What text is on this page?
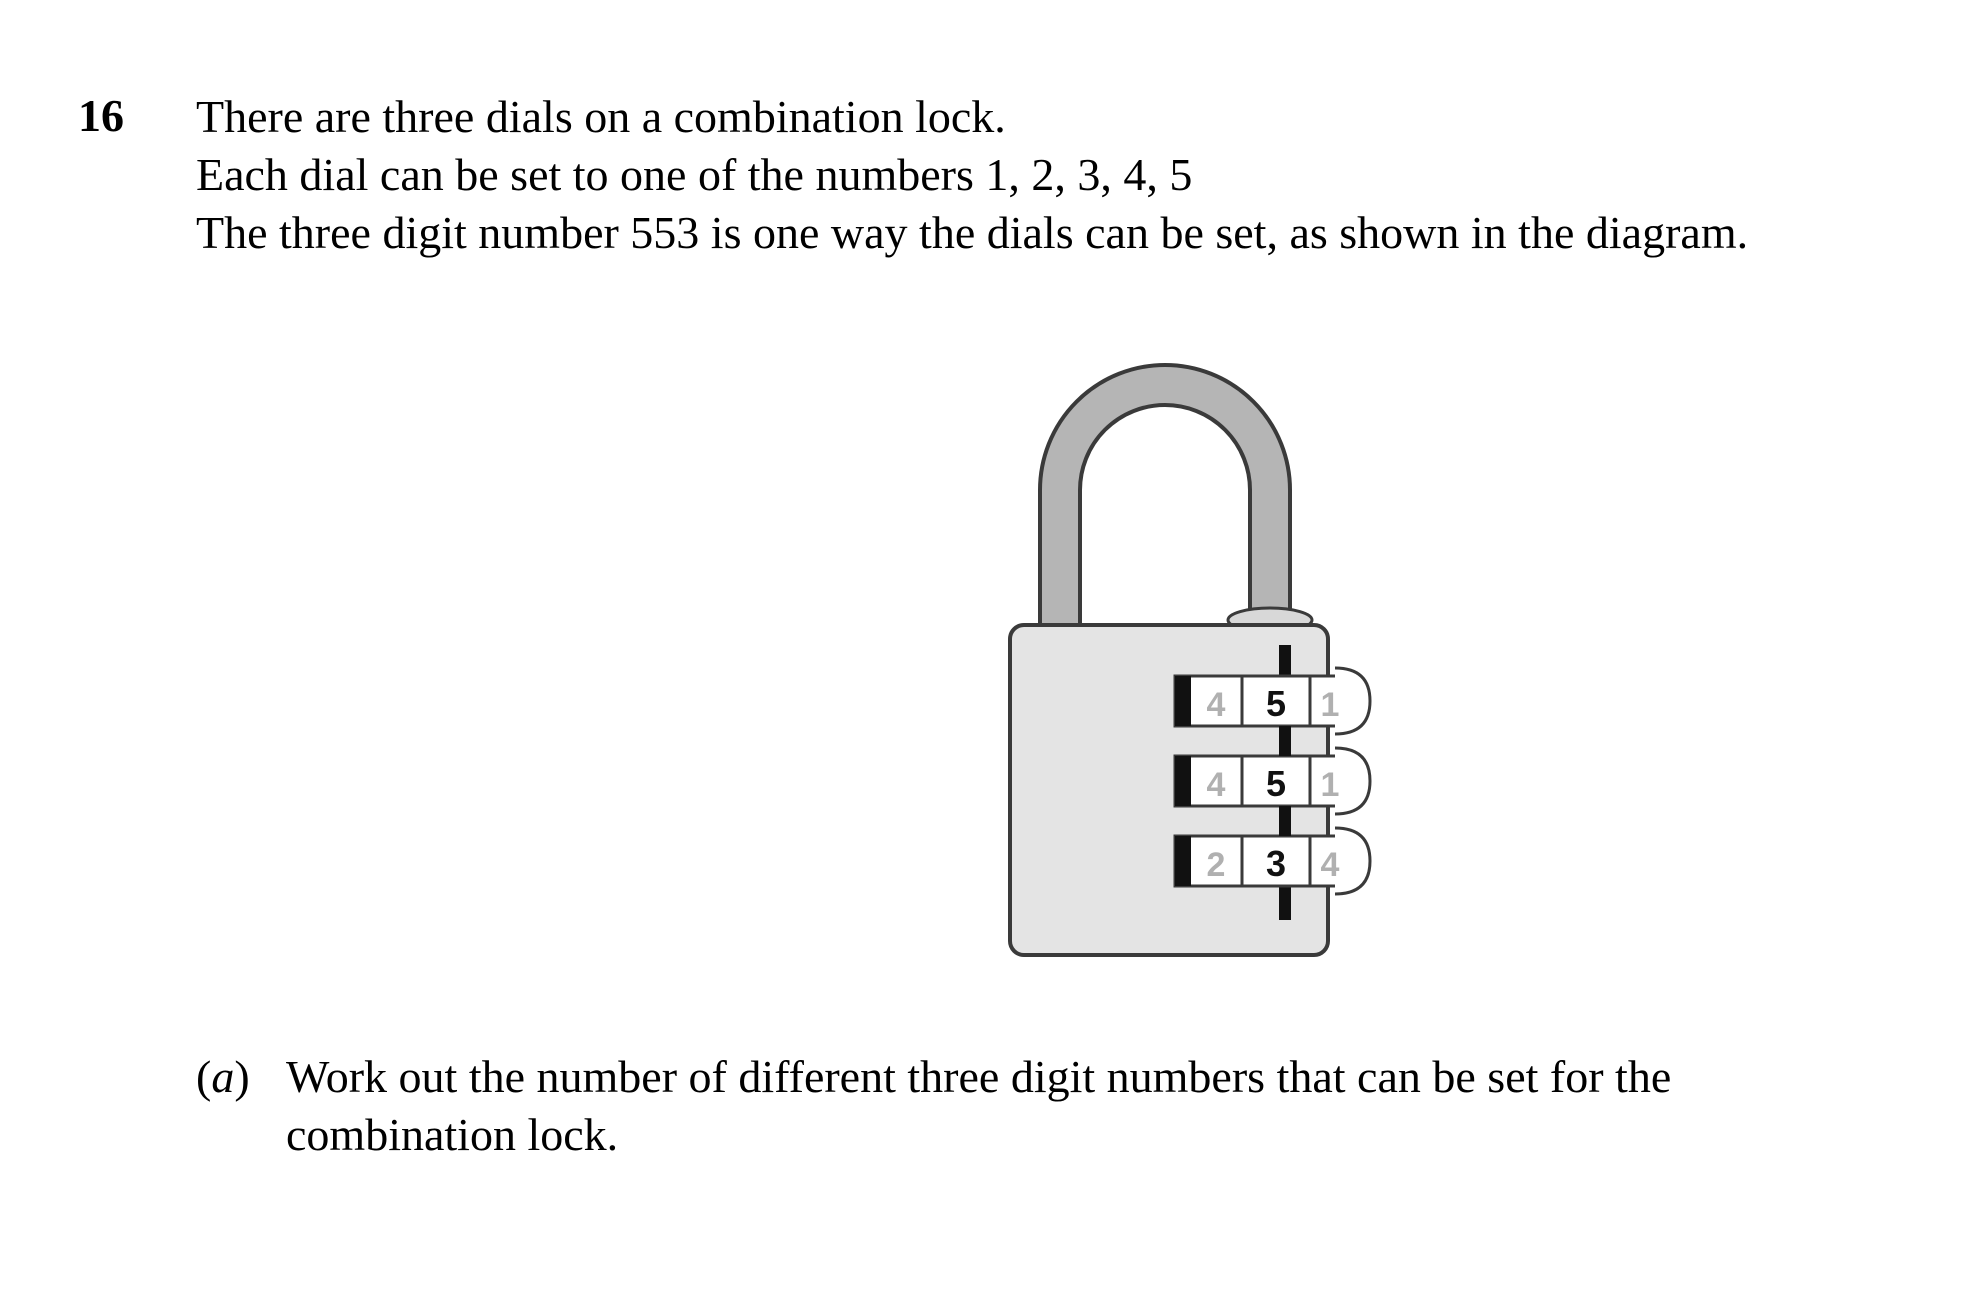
16 There are three dials on a combination lock.
Each dial can be set to one of the numbers 1, 2, 3, 4, 5
The three digit number 553 is one way the dials can be set, as shown in the diagram.
4 5 1
4 5 1
2 3 4
(a) Work out the number of different three digit numbers that can be set for the
combination lock.
